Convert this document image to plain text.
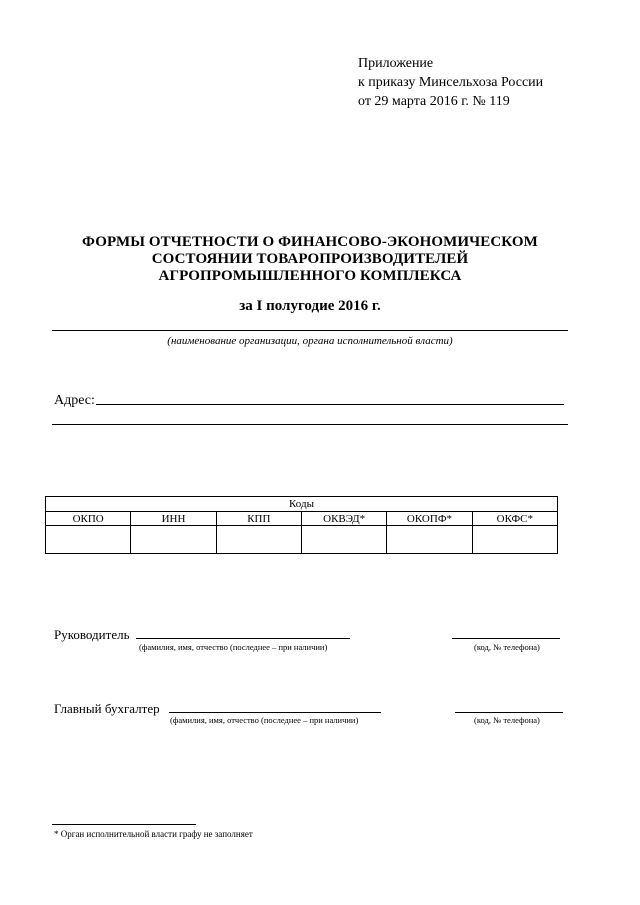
Приложение
к приказу Минсельхоза России
от 29 марта 2016 г. № 119
ФОРМЫ ОТЧЕТНОСТИ О ФИНАНСОВО-ЭКОНОМИЧЕСКОМ
СОСТОЯНИИ ТОВАРОПРОИЗВОДИТЕЛЕЙ
АГРОПРОМЫШЛЕННОГО КОМПЛЕКСА
за I полугодие 2016 г.
(наименование организации, органа исполнительной власти)
Адрес:
Коды					
ОКПО	ИНН	КПП	ОКВЭД*	ОКОПФ*	ОКФС*

Руководитель
(фамилия, имя, отчество (последнее – при наличии)	(код, № телефона)
Главный бухгалтер
(фамилия, имя, отчество (последнее – при наличии)	(код, № телефона)
* Орган исполнительной власти графу не заполняет
